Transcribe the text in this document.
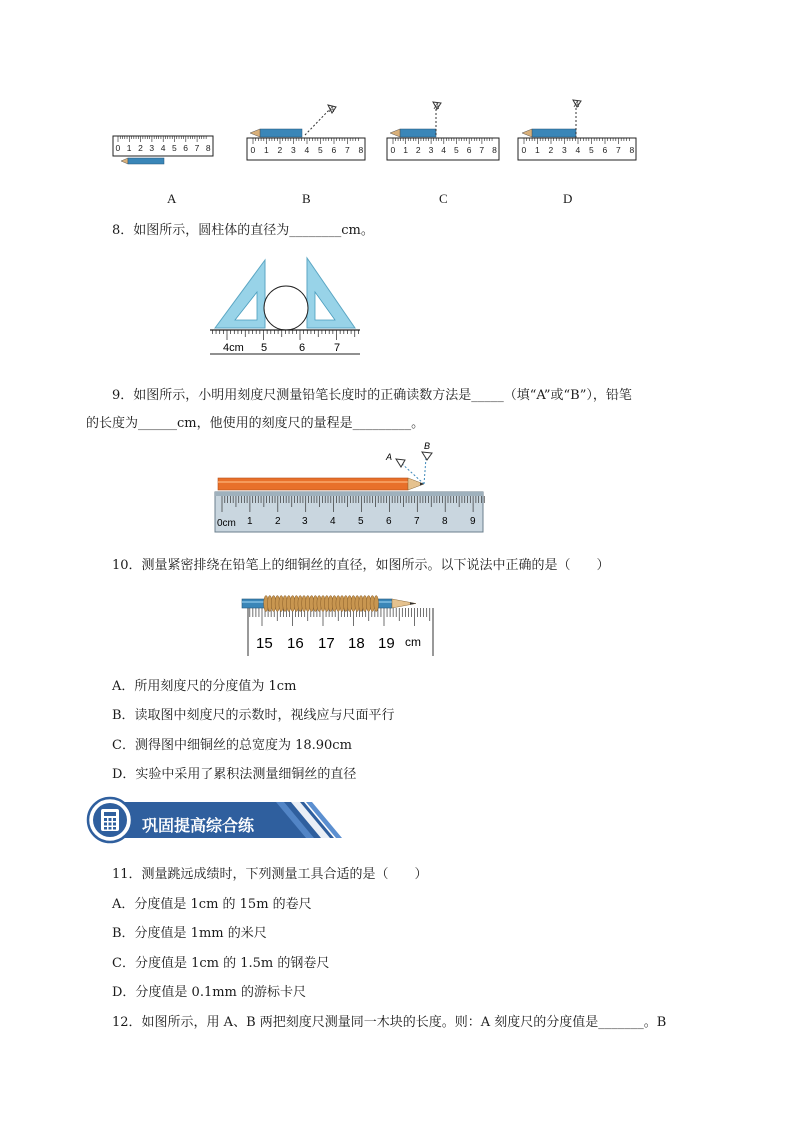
0 1 2 3 4 5 6 7 8	0 1 2 3 4 5 6 7 8
A
0 1 2 3 4 5 6 7 8
A
0 1 2 3 4 5 6 7 8
A
A	B	C	D
8．如图所示，圆柱体的直径为________cm。
4cm 5	6	7
9．如图所示，小明用刻度尺测量铅笔长度时的正确读数方法是_____（填“A”或“B”），铅笔
的长度为______cm，他使用的刻度尺的量程是_________。
A
B
0cm 1 2 3 4 5 6 7 8 9
10．测量紧密排绕在铅笔上的细铜丝的直径，如图所示。以下说法中正确的是（　　）
15 16 17 18 19 cm
A．所用刻度尺的分度值为 1cm
B．读取图中刻度尺的示数时，视线应与尺面平行
C．测得图中细铜丝的总宽度为 18.90cm
D．实验中采用了累积法测量细铜丝的直径
巩固提高综合练
11．测量跳远成绩时，下列测量工具合适的是（　　）
A．分度值是 1cm 的 15m 的卷尺
B．分度值是 1mm 的米尺
C．分度值是 1cm 的 1.5m 的钢卷尺
D．分度值是 0.1mm 的游标卡尺
12．如图所示，用 A、B 两把刻度尺测量同一木块的长度。则：A 刻度尺的分度值是_______。B
